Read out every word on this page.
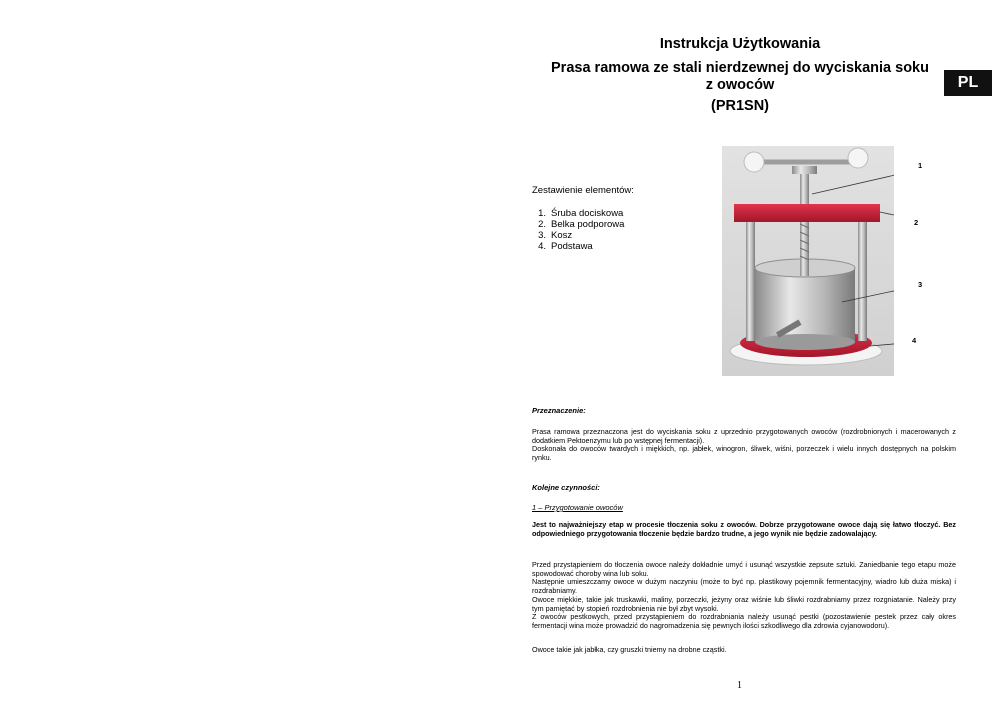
Instrukcja Użytkowania
Prasa ramowa ze stali nierdzewnej do wyciskania soku
z owoców
(PR1SN)
PL
Zestawienie elementów:
1. Śruba dociskowa
2. Belka podporowa
3. Kosz
4. Podstawa
1
2
3
4
Przeznaczenie:
Prasa ramowa przeznaczona jest do wyciskania soku z uprzednio przygotowanych owoców (rozdrobnionych i macerowanych z dodatkiem Pektoenzymu lub po wstępnej fermentacji).
Doskonała do owoców twardych i miękkich, np. jabłek, winogron, śliwek, wiśni, porzeczek i wielu innych dostępnych na polskim rynku.
Kolejne czynności:
1 – Przygotowanie owoców
Jest to najważniejszy etap w procesie tłoczenia soku z owoców. Dobrze przygotowane owoce dają się łatwo tłoczyć. Bez odpowiedniego przygotowania tłoczenie będzie bardzo trudne, a jego wynik nie będzie zadowalający.
Przed przystąpieniem do tłoczenia owoce należy dokładnie umyć i usunąć wszystkie zepsute sztuki. Zaniedbanie tego etapu może spowodować choroby wina lub soku.
Następnie umieszczamy owoce w dużym naczyniu (może to być np. plastikowy pojemnik fermentacyjny, wiadro lub duża miska) i rozdrabniamy.
Owoce miękkie, takie jak truskawki, maliny, porzeczki, jeżyny oraz wiśnie lub śliwki rozdrabniamy przez rozgniatanie. Należy przy tym pamiętać by stopień rozdrobnienia nie był zbyt wysoki.
Z owoców pestkowych, przed przystąpieniem do rozdrabniania należy usunąć pestki (pozostawienie pestek przez cały okres fermentacji wina może prowadzić do nagromadzenia się pewnych ilości szkodliwego dla zdrowia cyjanowodoru).
Owoce takie jak jabłka, czy gruszki tniemy na drobne cząstki.
1
